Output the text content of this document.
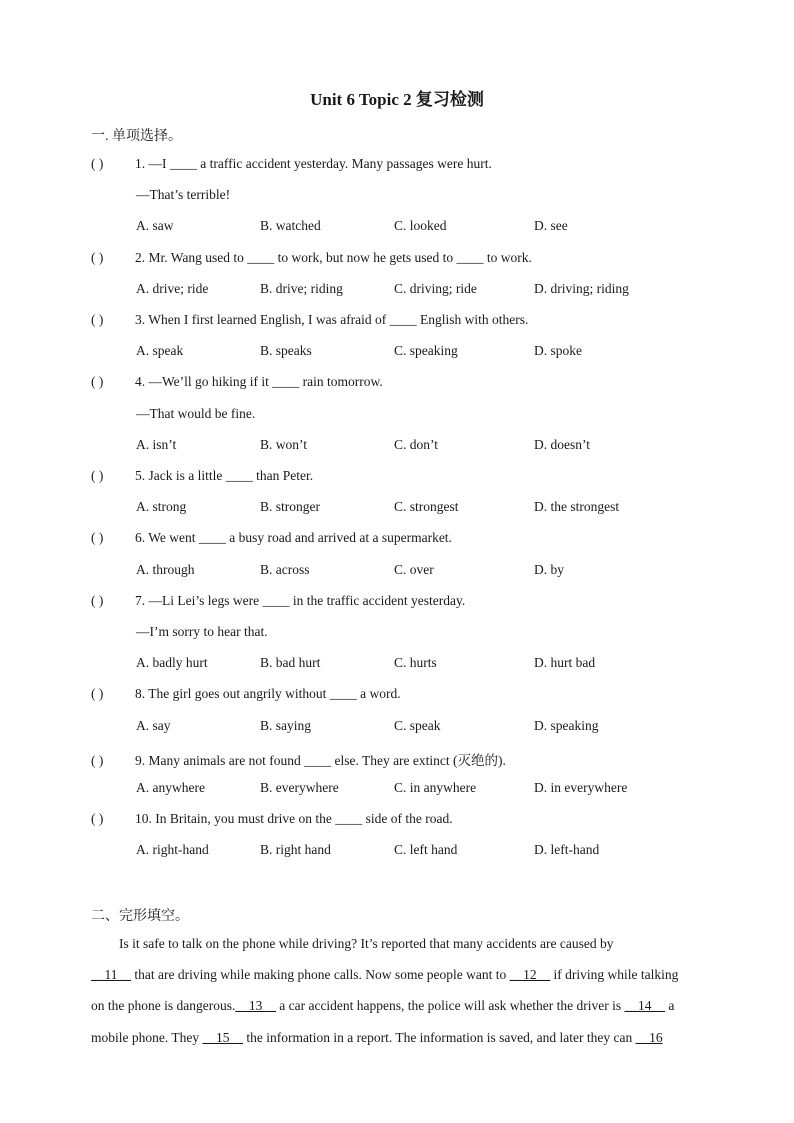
Unit 6 Topic 2 复习检测
一. 单项选择。
( ) 1. —I ____ a traffic accident yesterday. Many passages were hurt.
—That’s terrible!
A. saw	B. watched	C. looked	D. see
( ) 2. Mr. Wang used to ____ to work, but now he gets used to ____ to work.
A. drive; ride	B. drive; riding	C. driving; ride	D. driving; riding
( ) 3. When I first learned English, I was afraid of ____ English with others.
A. speak	B. speaks	C. speaking	D. spoke
( ) 4. —We’ll go hiking if it ____ rain tomorrow.
—That would be fine.
A. isn’t	B. won’t	C. don’t	D. doesn’t
( ) 5. Jack is a little ____ than Peter.
A. strong	B. stronger	C. strongest	D. the strongest
( ) 6. We went ____ a busy road and arrived at a supermarket.
A. through	B. across	C. over	D. by
( ) 7. —Li Lei’s legs were ____ in the traffic accident yesterday.
—I’m sorry to hear that.
A. badly hurt	B. bad hurt	C. hurts	D. hurt bad
( ) 8. The girl goes out angrily without ____ a word.
A. say	B. saying	C. speak	D. speaking
( ) 9. Many animals are not found ____ else. They are extinct (灭绝的).
A. anywhere	B. everywhere	C. in anywhere	D. in everywhere
( ) 10. In Britain, you must drive on the ____ side of the road.
A. right-hand	B. right hand	C. left hand	D. left-hand
二、完形填空。
Is it safe to talk on the phone while driving? It’s reported that many accidents are caused by
__11__ that are driving while making phone calls. Now some people want to __12__ if driving while talking
on the phone is dangerous.__13__ a car accident happens, the police will ask whether the driver is __14__ a
mobile phone. They __15__ the information in a report. The information is saved, and later they can __16
